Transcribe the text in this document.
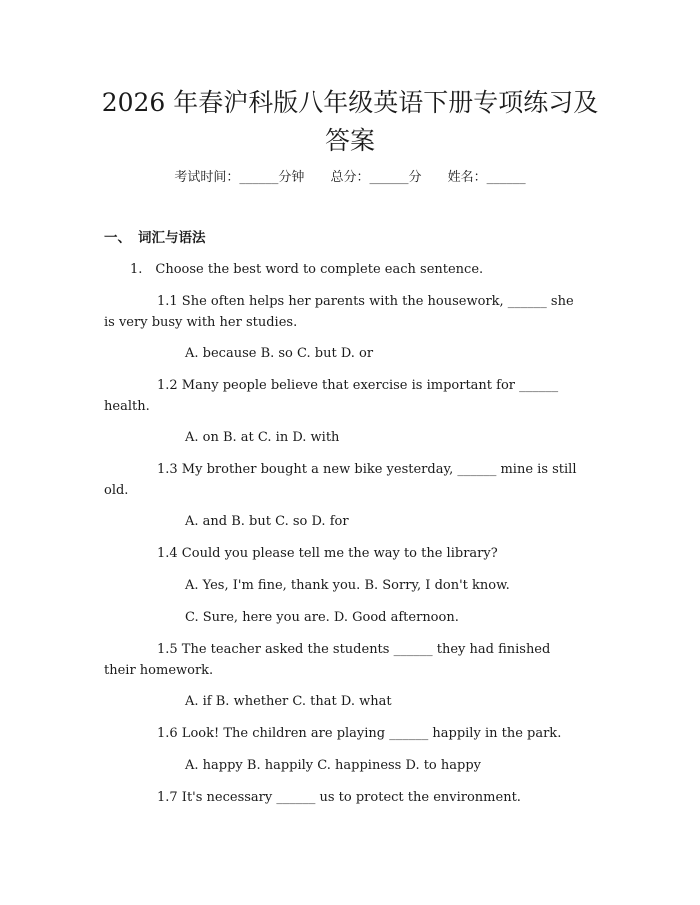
2026 年春沪科版八年级英语下册专项练习及
答案
考试时间：______分钟 总分：______分 姓名：______
一、 词汇与语法
1.　Choose the best word to complete each sentence.
1.1 She often helps her parents with the housework, ______ she
is very busy with her studies.
A. because B. so C. but D. or
1.2 Many people believe that exercise is important for ______
health.
A. on B. at C. in D. with
1.3 My brother bought a new bike yesterday, ______ mine is still
old.
A. and B. but C. so D. for
1.4 Could you please tell me the way to the library?
A. Yes, I'm fine, thank you. B. Sorry, I don't know.
C. Sure, here you are. D. Good afternoon.
1.5 The teacher asked the students ______ they had finished
their homework.
A. if B. whether C. that D. what
1.6 Look! The children are playing ______ happily in the park.
A. happy B. happily C. happiness D. to happy
1.7 It's necessary ______ us to protect the environment.
